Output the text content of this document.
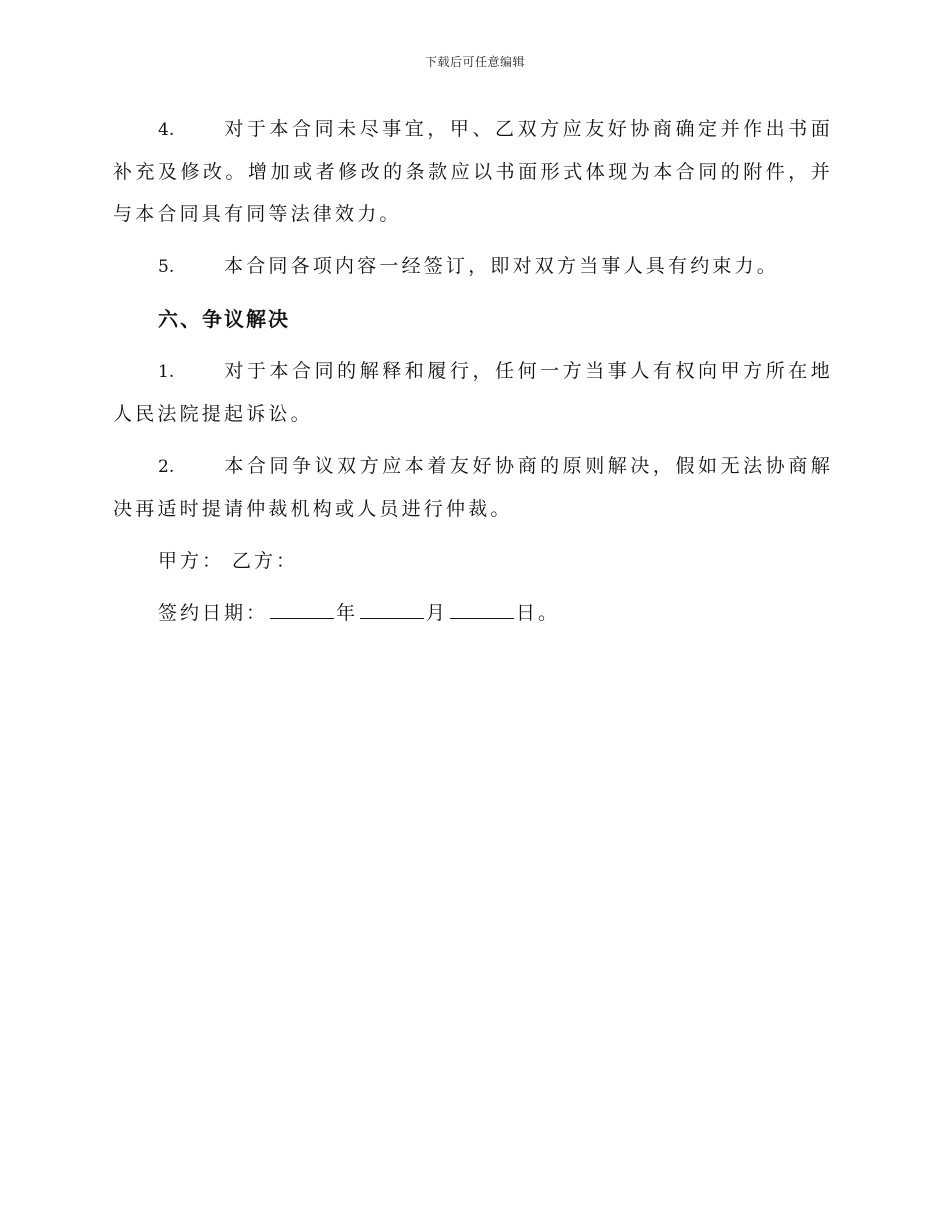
下载后可任意编辑

4.	对于本合同未尽事宜，甲、乙双方应友好协商确定并作出书面补充及修改。增加或者修改的条款应以书面形式体现为本合同的附件，并与本合同具有同等法律效力。

5.	本合同各项内容一经签订，即对双方当事人具有约束力。

六、争议解决

1.	对于本合同的解释和履行，任何一方当事人有权向甲方所在地人民法院提起诉讼。

2.	本合同争议双方应本着友好协商的原则解决，假如无法协商解决再适时提请仲裁机构或人员进行仲裁。

甲方： 乙方：
签约日期：	年	月	日。
